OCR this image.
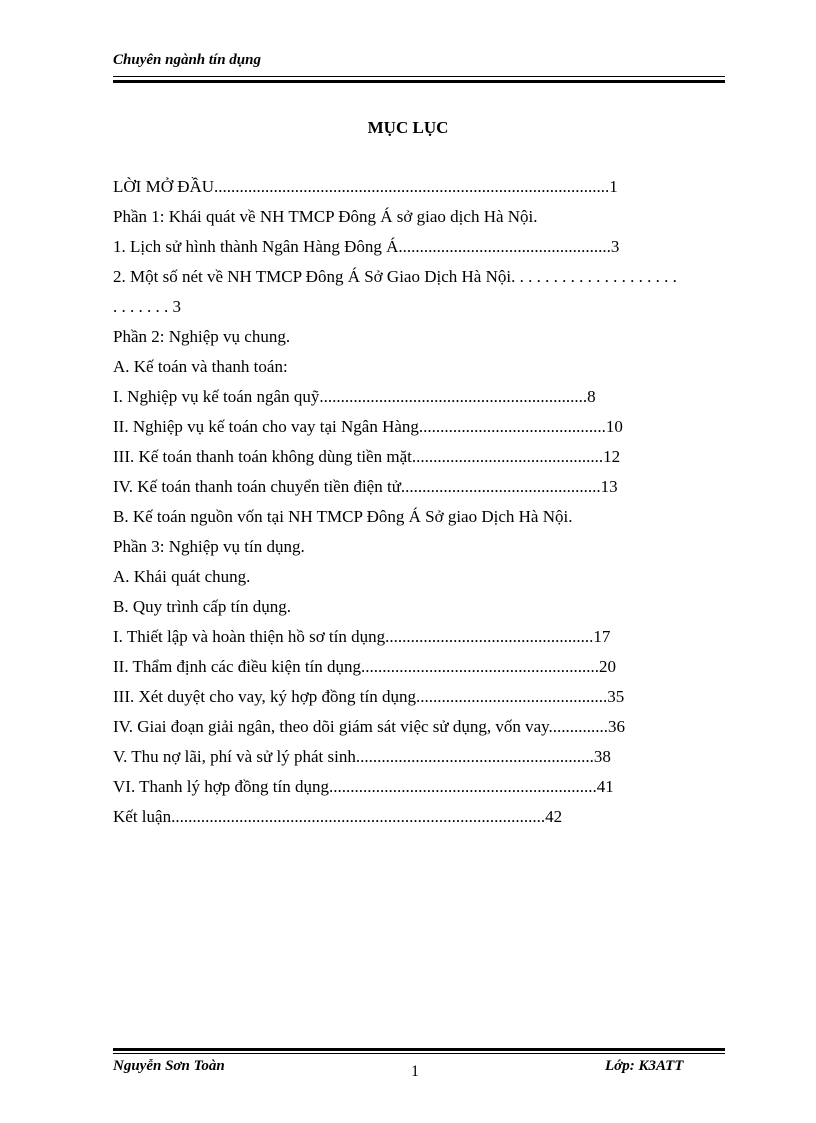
Chuyên ngành tín dụng
MỤC LỤC
LỜI MỞ ĐẦU.............................................................................................1
Phần 1: Khái quát về NH TMCP Đông Á sở giao dịch Hà Nội.
1. Lịch sử hình thành Ngân Hàng Đông Á..................................................3
2. Một số nét về NH TMCP Đông Á Sở Giao Dịch Hà Nội. . . . . . . . . . . . . . . . . . . .
. . . . . . . 3
Phần 2: Nghiệp vụ chung.
A. Kế toán và thanh toán:
I. Nghiệp vụ kế toán ngân quỹ...............................................................8
II. Nghiệp vụ kế toán cho vay tại Ngân Hàng............................................10
III. Kế toán thanh toán không dùng tiền mặt.............................................12
IV. Kế toán thanh toán chuyển tiền điện tử...............................................13
B. Kế toán nguồn vốn tại NH TMCP Đông Á Sở giao Dịch Hà Nội.
Phần 3: Nghiệp vụ tín dụng.
A. Khái quát chung.
B. Quy trình cấp tín dụng.
I. Thiết lập và hoàn thiện hồ sơ tín dụng.................................................17
II. Thẩm định các điều kiện tín dụng........................................................20
III. Xét duyệt cho vay, ký hợp đồng tín dụng.............................................35
IV. Giai đoạn giải ngân, theo dõi giám sát việc sử dụng, vốn vay..............36
V. Thu nợ lãi, phí và sử lý phát sinh........................................................38
VI. Thanh lý hợp đồng tín dụng...............................................................41
Kết luận........................................................................................42
Nguyễn Sơn Toàn	1	Lớp: K3ATT
